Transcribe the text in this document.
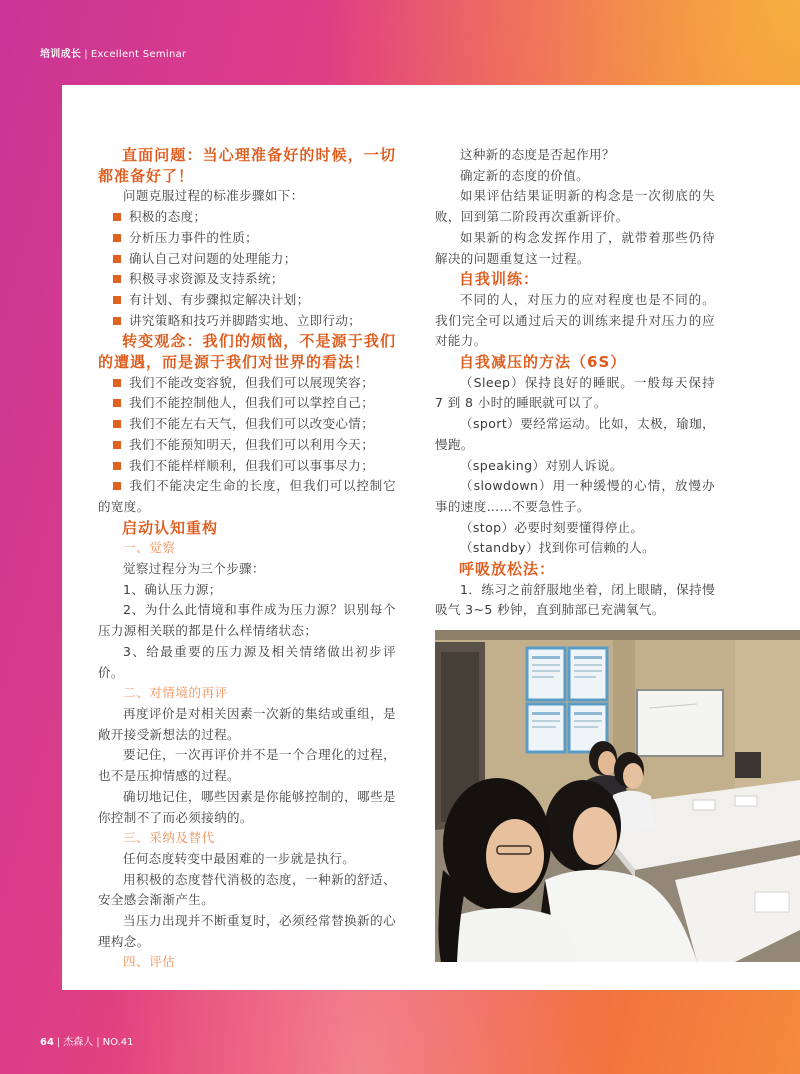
培训成长 | Excellent Seminar
直面问题：当心理准备好的时候，一切都准备好了！

问题克服过程的标准步骤如下：

积极的态度；
分析压力事件的性质；
确认自己对问题的处理能力；
积极寻求资源及支持系统；
有计划、有步骤拟定解决计划；
讲究策略和技巧并脚踏实地、立即行动；
转变观念：我们的烦恼，不是源于我们的遭遇，而是源于我们对世界的看法！
我们不能改变容貌，但我们可以展现笑容；
我们不能控制他人，但我们可以掌控自己；
我们不能左右天气，但我们可以改变心情；
我们不能预知明天，但我们可以利用今天；
我们不能样样顺利，但我们可以事事尽力；
我们不能决定生命的长度，但我们可以控制它的宽度。
启动认知重构
一、觉察

觉察过程分为三个步骤：

1、确认压力源；

2、为什么此情境和事件成为压力源？识别每个压力源相关联的都是什么样情绪状态；

3、给最重要的压力源及相关情绪做出初步评价。

二、对情境的再评

再度评价是对相关因素一次新的集结或重组，是敞开接受新想法的过程。

要记住，一次再评价并不是一个合理化的过程，也不是压抑情感的过程。

确切地记住，哪些因素是你能够控制的，哪些是你控制不了而必须接纳的。

三、采纳及替代

任何态度转变中最困难的一步就是执行。

用积极的态度替代消极的态度，一种新的舒适、安全感会渐渐产生。

当压力出现并不断重复时，必须经常替换新的心理构念。

四、评估

这种新的态度是否起作用？

确定新的态度的价值。

如果评估结果证明新的构念是一次彻底的失败，回到第二阶段再次重新评价。

如果新的构念发挥作用了，就带着那些仍待解决的问题重复这一过程。

自我训练：

不同的人，对压力的应对程度也是不同的。我们完全可以通过后天的训练来提升对压力的应对能力。

自我减压的方法（6S）

（Sleep）保持良好的睡眠。一般每天保持 7 到 8 小时的睡眠就可以了。

（sport）要经常运动。比如，太极，瑜珈，慢跑。

（speaking）对别人诉说。

（slowdown）用一种缓慢的心情，放慢办事的速度……不要急性子。

（stop）必要时刻要懂得停止。

（standby）找到你可信赖的人。

呼吸放松法：

1．练习之前舒服地坐着，闭上眼睛，保持慢吸气 3~5 秒钟，直到肺部已充满氧气。

64 | 杰森人 | NO.41
